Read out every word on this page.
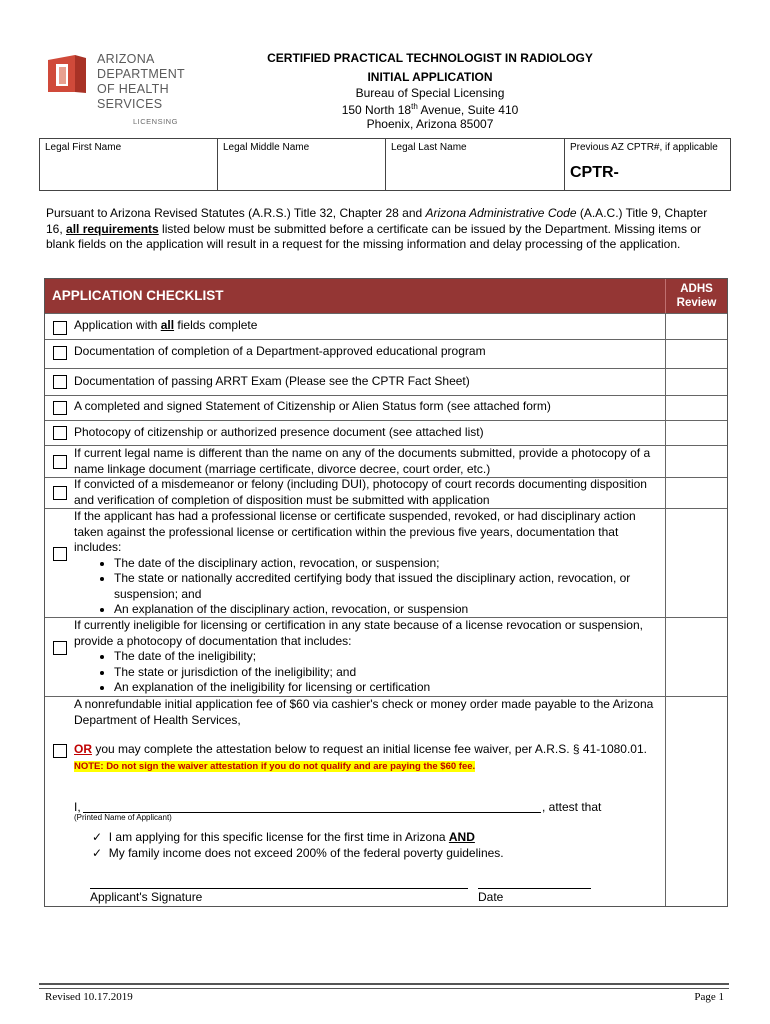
ARIZONA DEPARTMENT
OF HEALTH SERVICES
LICENSING
CERTIFIED PRACTICAL TECHNOLOGIST IN RADIOLOGY
INITIAL APPLICATION
Bureau of Special Licensing
150 North 18th Avenue, Suite 410
Phoenix, Arizona 85007
Legal First Name	Legal Middle Name	Legal Last Name	Previous AZ CPTR#, if applicable
CPTR-
Pursuant to Arizona Revised Statutes (A.R.S.) Title 32, Chapter 28 and Arizona Administrative Code (A.A.C.) Title 9, Chapter 16, all requirements listed below must be submitted before a certificate can be issued by the Department. Missing items or blank fields on the application will result in a request for the missing information and delay processing of the application.
APPLICATION CHECKLIST	ADHS Review
Application with all fields complete
Documentation of completion of a Department-approved educational program
Documentation of passing ARRT Exam (Please see the CPTR Fact Sheet)
A completed and signed Statement of Citizenship or Alien Status form (see attached form)
Photocopy of citizenship or authorized presence document (see attached list)
If current legal name is different than the name on any of the documents submitted, provide a photocopy of a name linkage document (marriage certificate, divorce decree, court order, etc.)
If convicted of a misdemeanor or felony (including DUI), photocopy of court records documenting disposition and verification of completion of disposition must be submitted with application
If the applicant has had a professional license or certificate suspended, revoked, or had disciplinary action taken against the professional license or certification within the previous five years, documentation that includes:
• The date of the disciplinary action, revocation, or suspension;
• The state or nationally accredited certifying body that issued the disciplinary action, revocation, or suspension; and
• An explanation of the disciplinary action, revocation, or suspension
If currently ineligible for licensing or certification in any state because of a license revocation or suspension, provide a photocopy of documentation that includes:
• The date of the ineligibility;
• The state or jurisdiction of the ineligibility; and
• An explanation of the ineligibility for licensing or certification
A nonrefundable initial application fee of $60 via cashier's check or money order made payable to the Arizona Department of Health Services,
OR you may complete the attestation below to request an initial license fee waiver, per A.R.S. § 41-1080.01.
NOTE: Do not sign the waiver attestation if you do not qualify and are paying the $60 fee.
I,	, attest that
(Printed Name of Applicant)
✓ I am applying for this specific license for the first time in Arizona AND
✓ My family income does not exceed 200% of the federal poverty guidelines.
Applicant's Signature	Date
Revised 10.17.2019	Page 1
